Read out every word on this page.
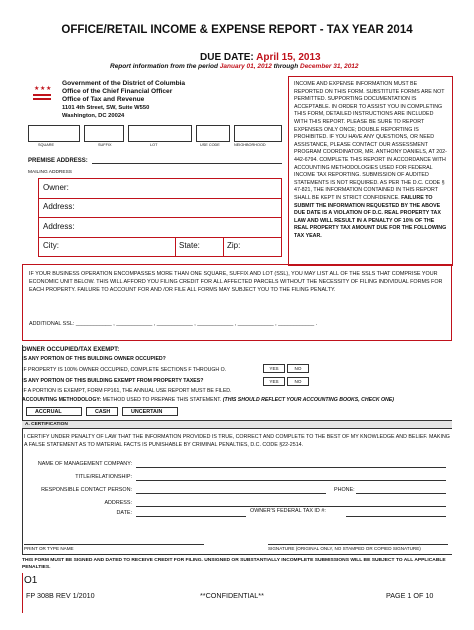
OFFICE/RETAIL INCOME & EXPENSE REPORT - TAX YEAR 2014
DUE DATE: April 15, 2013
Report information from the period January 01, 2012 through December 31, 2012
★ ★ ★
Government of the District of Columbia
Office of the Chief Financial Officer
Office of Tax and Revenue
1101 4th Street, SW, Suite W550
Washington, DC 20024
INCOME AND EXPENSE INFORMATION MUST BE REPORTED ON THIS FORM. SUBSTITUTE FORMS ARE NOT PERMITTED. SUPPORTING DOCUMENTATION IS ACCEPTABLE. IN ORDER TO ASSIST YOU IN COMPLETING THIS FORM, DETAILED INSTRUCTIONS ARE INCLUDED WITH THIS REPORT. PLEASE BE SURE TO REPORT EXPENSES ONLY ONCE; DOUBLE REPORTING IS PROHIBITED. IF YOU HAVE ANY QUESTIONS, OR NEED ASSISTANCE, PLEASE CONTACT OUR ASSESSMENT PROGRAM COORDINATOR, MR. ANTHONY DANIELS, AT 202-442-6794. COMPLETE THIS REPORT IN ACCORDANCE WITH ACCOUNTING METHODOLOGIES USED FOR FEDERAL INCOME TAX REPORTING. SUBMISSION OF AUDITED STATEMENTS IS NOT REQUIRED. AS PER THE D.C. CODE § 47-821, THE INFORMATION CONTAINED IN THIS REPORT SHALL BE KEPT IN STRICT CONFIDENCE. FAILURE TO SUBMIT THE INFORMATION REQUESTED BY THE ABOVE DUE DATE IS A VIOLATION OF D.C. REAL PROPERTY TAX LAW AND WILL RESULT IN A PENALTY OF 10% OF THE REAL PROPERTY TAX AMOUNT DUE FOR THE FOLLOWING TAX YEAR.
SQUARE	SUFFIX	LOT	USE CODE	NEIGHBORHOOD
PREMISE ADDRESS:
MAILING ADDRESS
Owner:
Address:
Address:
City:	State:	Zip:
IF YOUR BUSINESS OPERATION ENCOMPASSES MORE THAN ONE SQUARE, SUFFIX AND LOT (SSL), YOU MAY LIST ALL OF THE SSLS THAT COMPRISE YOUR ECONOMIC UNIT BELOW. THIS WILL AFFORD YOU FILING CREDIT FOR ALL AFFECTED PARCELS WITHOUT THE NECESSITY OF FILING INDIVIDUAL FORMS FOR EACH PROPERTY. FAILURE TO ACCOUNT FOR AND /OR FILE ALL FORMS MAY SUBJECT YOU TO THE FILING PENALTY.
ADDITIONAL SSL: ____________ , ____________ , ____________ , ____________ , ____________ , ____________ .
OWNER OCCUPIED/TAX EXEMPT:
IS ANY PORTION OF THIS BUILDING OWNER OCCUPIED?
IF PROPERTY IS 100% OWNER OCCUPIED, COMPLETE SECTIONS F THROUGH O.	YES	NO
IS ANY PORTION OF THIS BUILDING EXEMPT FROM PROPERTY TAXES?	YES	NO
IF A PORTION IS EXEMPT, FORM FP161, THE ANNUAL USE REPORT MUST BE FILED.
ACCOUNTING METHODOLOGY: METHOD USED TO PREPARE THIS STATEMENT. (THIS SHOULD REFLECT YOUR ACCOUNTING BOOKS, CHECK ONE)
ACCRUAL	CASH	UNCERTAIN
A. CERTIFICATION
I CERTIFY UNDER PENALTY OF LAW THAT THE INFORMATION PROVIDED IS TRUE, CORRECT AND COMPLETE TO THE BEST OF MY KNOWLEDGE AND BELIEF. MAKING A FALSE STATEMENT AS TO MATERIAL FACTS IS PUNISHABLE BY CRIMINAL PENALTIES, D.C. CODE §22-2514.
NAME OF MANAGEMENT COMPANY:
TITLE/RELATIONSHIP:
RESPONSIBLE CONTACT PERSON:	PHONE:
ADDRESS:
DATE:	OWNER'S FEDERAL TAX ID #:
PRINT OR TYPE NAME	SIGNATURE (ORIGINAL ONLY, NO STAMPED OR COPIED SIGNATURE)
THIS FORM MUST BE SIGNED AND DATED TO RECEIVE CREDIT FOR FILING. UNSIGNED OR SUBSTANTIALLY INCOMPLETE SUBMISSIONS WILL BE SUBJECT TO ALL APPLICABLE PENALTIES.
O1
FP 308B REV 1/2010	**CONFIDENTIAL**	PAGE 1 OF 10
